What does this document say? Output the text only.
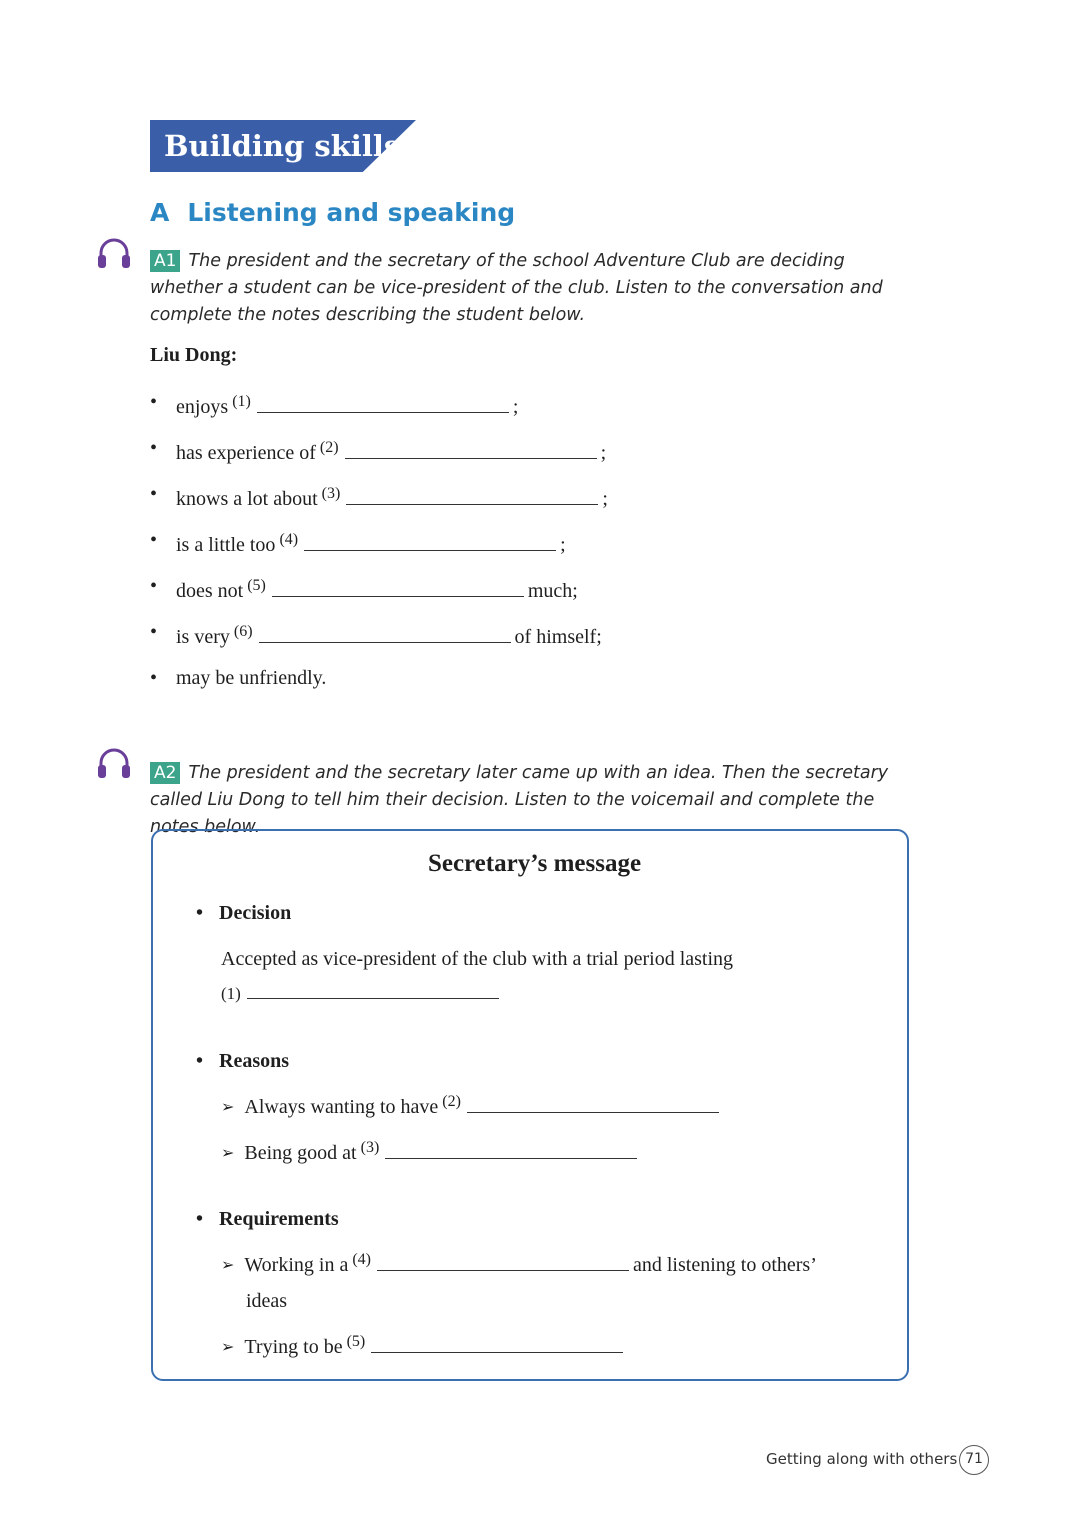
Building skills
A Listening and speaking
A1 The president and the secretary of the school Adventure Club are deciding whether a student can be vice-president of the club. Listen to the conversation and complete the notes describing the student below.
Liu Dong:
• enjoys $^{(1)}$	;
• has experience of $^{(2)}$	;
• knows a lot about $^{(3)}$	;
• is a little too $^{(4)}$	;
• does not $^{(5)}$	much;
• is very $^{(6)}$	of himself;
• may be unfriendly.
A2 The president and the secretary later came up with an idea. Then the secretary called Liu Dong to tell him their decision. Listen to the voicemail and complete the notes below.
Secretary’s message
• Decision
Accepted as vice-president of the club with a trial period lasting
(1)
• Reasons
➢ Always wanting to have $^{(2)}$
➢ Being good at $^{(3)}$
• Requirements
➢ Working in a $^{(4)}$	and listening to others’
ideas
➢ Trying to be $^{(5)}$
Getting along with others 71
